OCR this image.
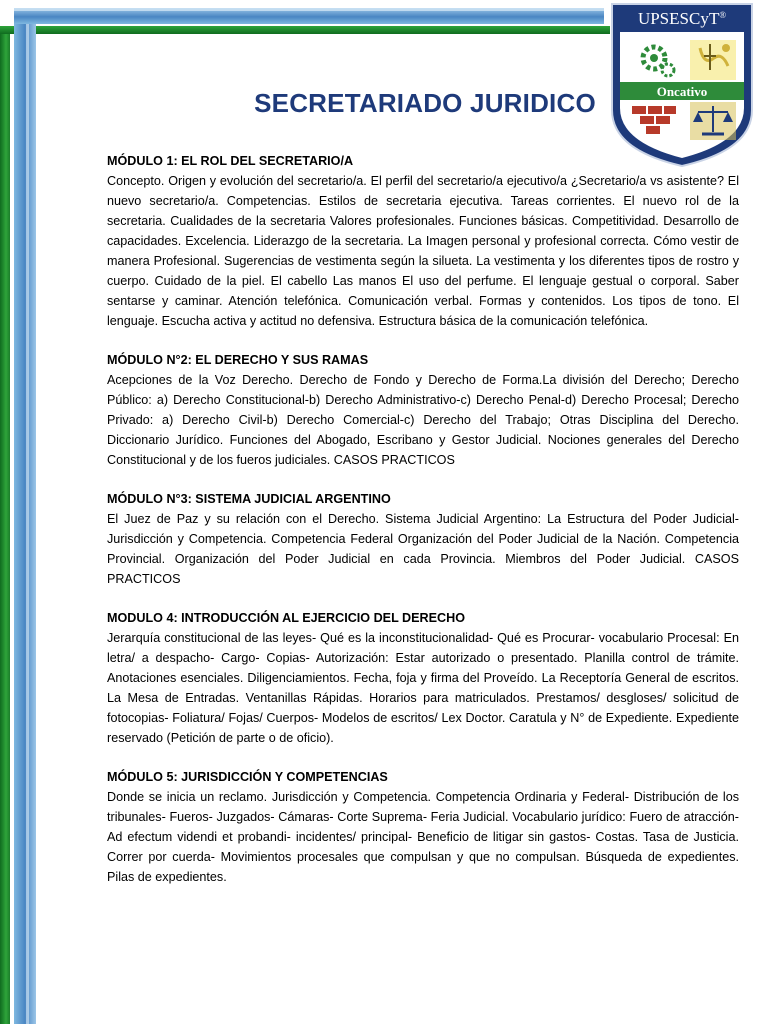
UPSESCyT®
Oncativo
SECRETARIADO JURIDICO
MÓDULO 1: EL ROL DEL SECRETARIO/A

Concepto. Origen y evolución del secretario/a. El perfil del secretario/a ejecutivo/a ¿Secretario/a vs asistente? El nuevo secretario/a. Competencias. Estilos de secretaria ejecutiva. Tareas corrientes. El nuevo rol de la secretaria. Cualidades de la secretaria Valores profesionales. Funciones básicas. Competitividad. Desarrollo de capacidades. Excelencia. Liderazgo de la secretaria. La Imagen personal y profesional correcta. Cómo vestir de manera Profesional. Sugerencias de vestimenta según la silueta. La vestimenta y los diferentes tipos de rostro y cuerpo. Cuidado de la piel. El cabello Las manos El uso del perfume. El lenguaje gestual o corporal. Saber sentarse y caminar. Atención telefónica. Comunicación verbal. Formas y contenidos. Los tipos de tono. El lenguaje. Escucha activa y actitud no defensiva. Estructura básica de la comunicación telefónica.

MÓDULO N°2: EL DERECHO Y SUS RAMAS

Acepciones de la Voz Derecho. Derecho de Fondo y Derecho de Forma.La división del Derecho; Derecho Público: a) Derecho Constitucional-b) Derecho Administrativo-c) Derecho Penal-d) Derecho Procesal; Derecho Privado: a) Derecho Civil-b) Derecho Comercial-c) Derecho del Trabajo; Otras Disciplina del Derecho. Diccionario Jurídico. Funciones del Abogado, Escribano y Gestor Judicial. Nociones generales del Derecho Constitucional y de los fueros judiciales. CASOS PRACTICOS

MÓDULO N°3: SISTEMA JUDICIAL ARGENTINO

El Juez de Paz y su relación con el Derecho. Sistema Judicial Argentino: La Estructura del Poder Judicial- Jurisdicción y Competencia. Competencia Federal Organización del Poder Judicial de la Nación. Competencia Provincial. Organización del Poder Judicial en cada Provincia. Miembros del Poder Judicial. CASOS PRACTICOS

MODULO 4: INTRODUCCIÓN AL EJERCICIO DEL DERECHO

Jerarquía constitucional de las leyes- Qué es la inconstitucionalidad- Qué es Procurar- vocabulario Procesal: En letra/ a despacho- Cargo- Copias- Autorización: Estar autorizado o presentado. Planilla control de trámite. Anotaciones esenciales. Diligenciamientos. Fecha, foja y firma del Proveído. La Receptoría General de escritos. La Mesa de Entradas. Ventanillas Rápidas. Horarios para matriculados. Prestamos/ desgloses/ solicitud de fotocopias- Foliatura/ Fojas/ Cuerpos- Modelos de escritos/ Lex Doctor. Caratula y N° de Expediente. Expediente reservado (Petición de parte o de oficio).

MÓDULO 5: JURISDICCIÓN Y COMPETENCIAS

Donde se inicia un reclamo. Jurisdicción y Competencia. Competencia Ordinaria y Federal- Distribución de los tribunales- Fueros- Juzgados- Cámaras- Corte Suprema- Feria Judicial. Vocabulario jurídico: Fuero de atracción- Ad efectum videndi et probandi- incidentes/ principal- Beneficio de litigar sin gastos- Costas. Tasa de Justicia. Correr por cuerda- Movimientos procesales que compulsan y que no compulsan. Búsqueda de expedientes. Pilas de expedientes.
